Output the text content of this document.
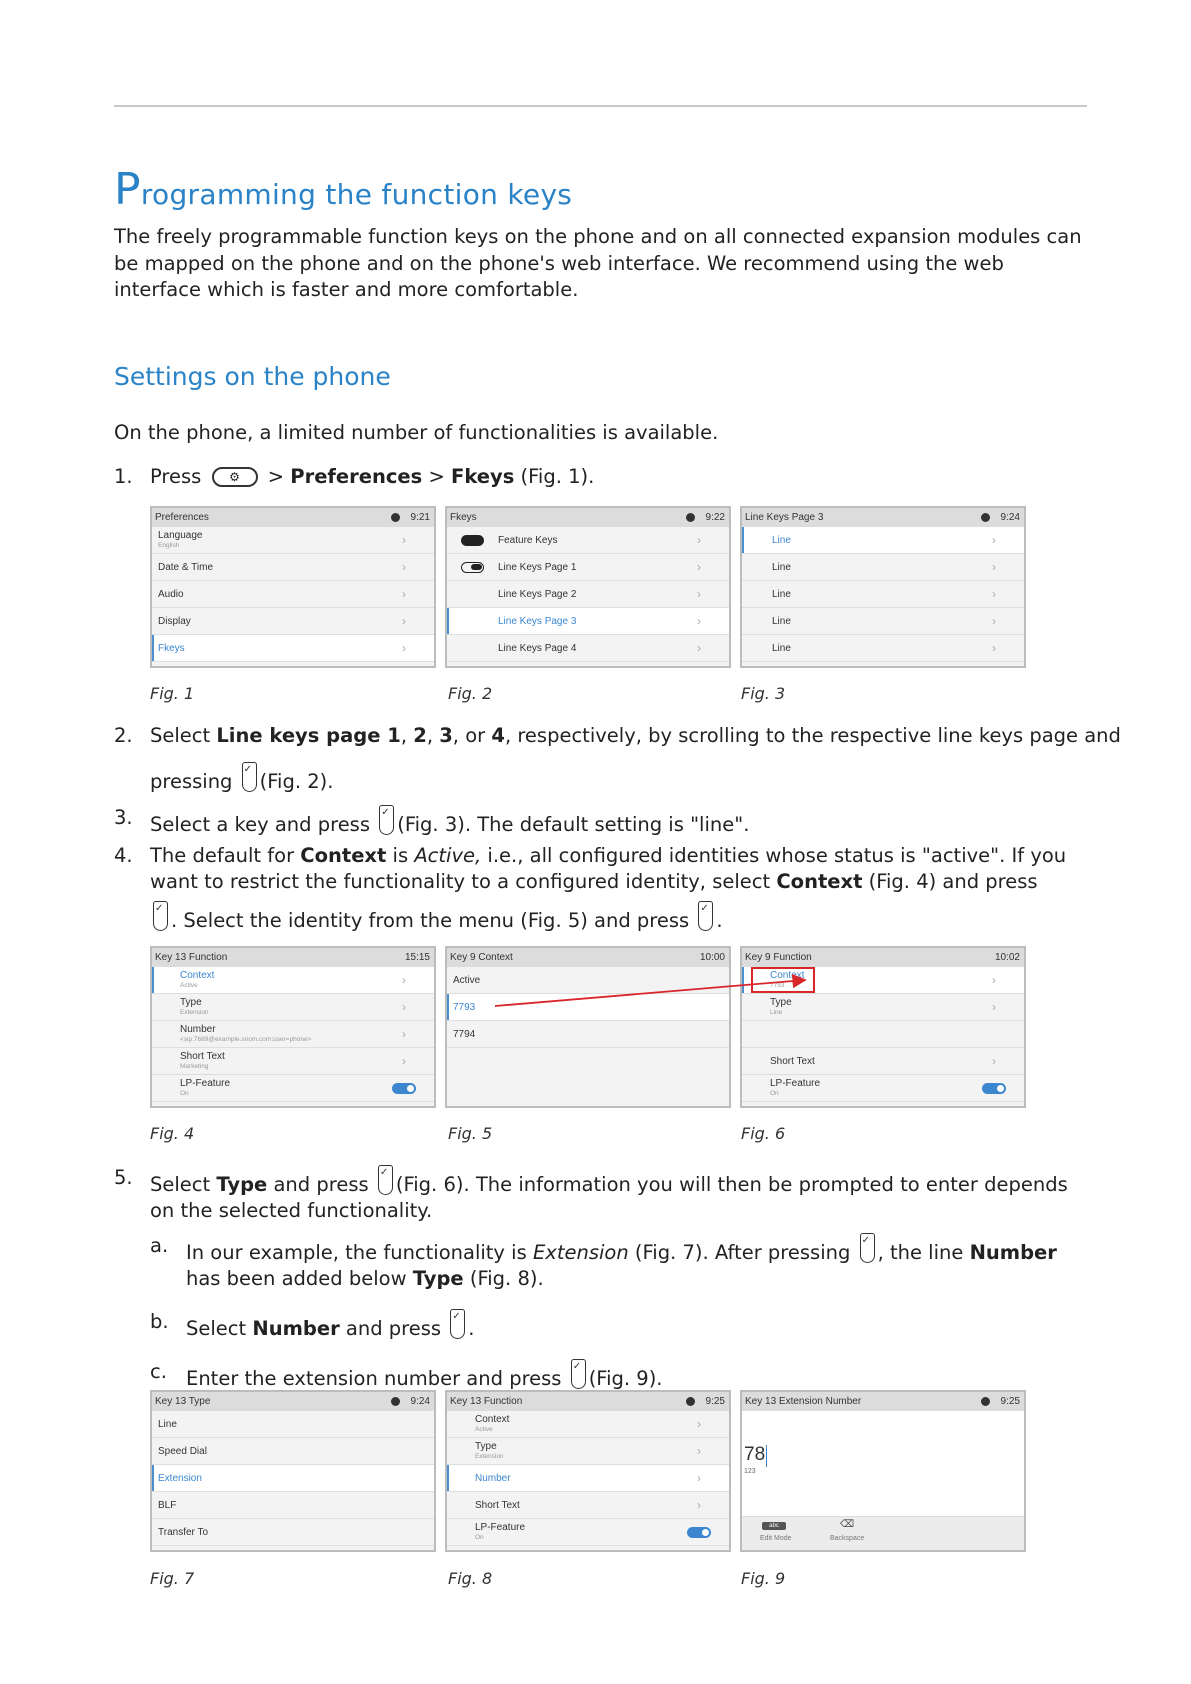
Programming the function keys
The freely programmable function keys on the phone and on all connected expansion modules can be mapped on the phone and on the phone's web interface. We recommend using the web interface which is faster and more comfortable.
Settings on the phone
On the phone, a limited number of functionalities is available.
1. Press ⚙ > Preferences > Fkeys (Fig. 1).
Preferences	9:21
Language
English	›
Date & Time	›
Audio	›
Display	›
Fkeys	›
Fkeys	9:22
Feature Keys	›
Line Keys Page 1	›
Line Keys Page 2	›
Line Keys Page 3	›
Line Keys Page 4	›
Line Keys Page 3	9:24
Line	›
Line	›
Line	›
Line	›
Line	›
Fig. 1	Fig. 2	Fig. 3
2. Select Line keys page 1, 2, 3, or 4, respectively, by scrolling to the respective line keys page and
pressing ✓ (Fig. 2).
3. Select a key and press ✓ (Fig. 3). The default setting is "line".
4. The default for Context is Active, i.e., all configured identities whose status is "active". If you want to restrict the functionality to a configured identity, select Context (Fig. 4) and press
✓. Select the identity from the menu (Fig. 5) and press ✓ .
Key 13 Function	15:15
Context
Active	›
Type
Extension	›
Number
<sip:7689@example.snom.com;user=phone>	›
Short Text
Marketing	›
LP-Feature
On
Key 9 Context	10:00
Active
7793
7794
Key 9 Function	10:02
Context
7793	›
Type
Line	›
Short Text	›
LP-Feature
On
Fig. 4	Fig. 5	Fig. 6
5. Select Type and press ✓ (Fig. 6). The information you will then be prompted to enter depends on the selected functionality.
a. In our example, the functionality is Extension (Fig. 7). After pressing ✓ , the line Number has been added below Type (Fig. 8).
b. Select Number and press ✓ .
c. Enter the extension number and press ✓ (Fig. 9).
Key 13 Type	9:24
Line
Speed Dial
Extension
BLF
Transfer To
Key 13 Function	9:25
Context
Active	›
Type
Extension	›
Number	›
Short Text	›
LP-Feature
On
Key 13 Extension Number	9:25
78
123
abc
Edit Mode
⌫
Backspace
Fig. 7	Fig. 8	Fig. 9
